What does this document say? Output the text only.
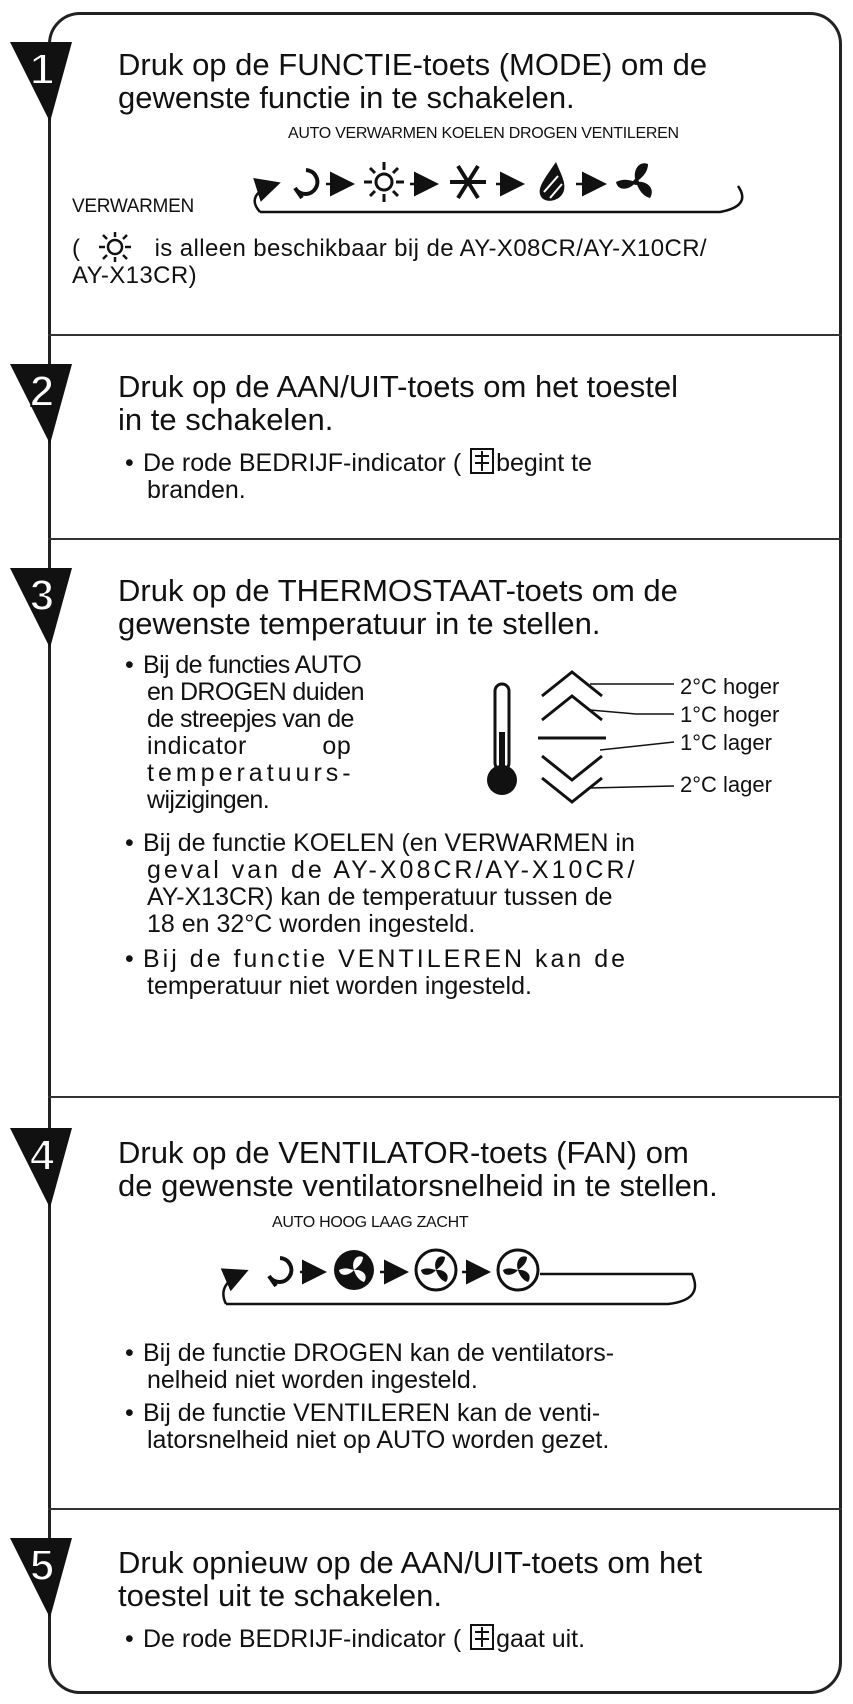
1
2
3
4
5
Druk op de FUNCTIE-toets (MODE) om de
gewenste functie in te schakelen.
AUTO VERWARMEN KOELEN DROGEN VENTILEREN
VERWARMEN
(	is alleen beschikbaar bij de AY-X08CR/AY-X10CR/
AY-X13CR)
Druk op de AAN/UIT-toets om het toestel
in te schakelen.
• De rode BEDRIJF-indicator ( begint te
branden.
Druk op de THERMOSTAAT-toets om de
gewenste temperatuur in te stellen.
• Bij de functies AUTO
en DROGEN duiden
de streepjes van de
indicator          op
temperatuurs-
wijzigingen.
2°C hoger
1°C hoger
1°C lager
2°C lager
• Bij de functie KOELEN (en VERWARMEN in
geval van de AY-X08CR/AY-X10CR/
AY-X13CR) kan de temperatuur tussen de
18 en 32°C worden ingesteld.
• Bij de functie VENTILEREN kan de
temperatuur niet worden ingesteld.
Druk op de VENTILATOR-toets (FAN) om
de gewenste ventilatorsnelheid in te stellen.
AUTO HOOG LAAG ZACHT
• Bij de functie DROGEN kan de ventilators-
nelheid niet worden ingesteld.
• Bij de functie VENTILEREN kan de venti-
latorsnelheid niet op AUTO worden gezet.
Druk opnieuw op de AAN/UIT-toets om het
toestel uit te schakelen.
• De rode BEDRIJF-indicator ( gaat uit.
